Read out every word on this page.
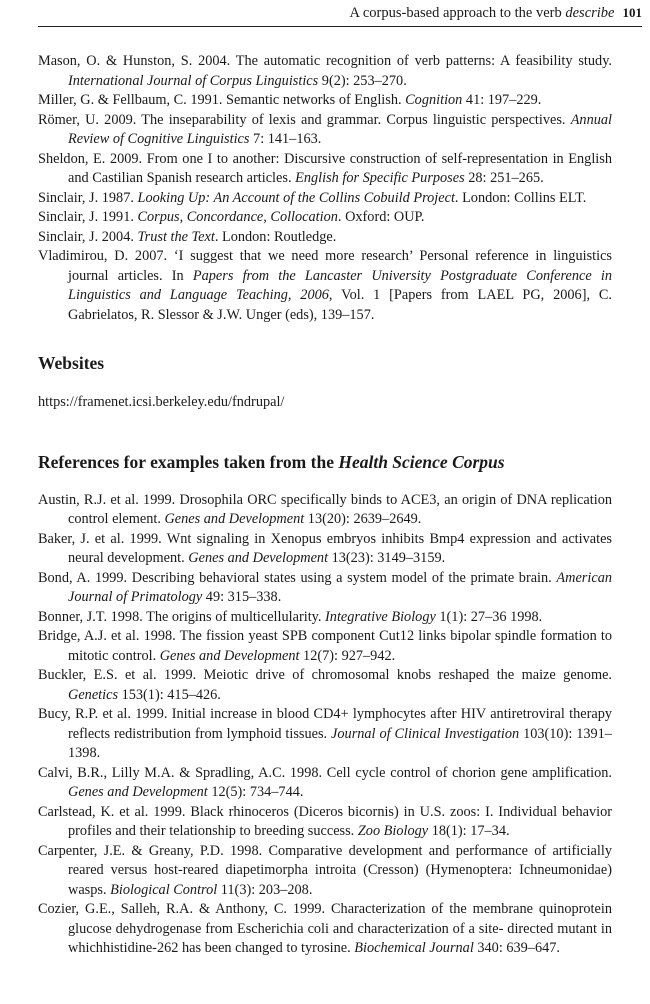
A corpus-based approach to the verb describe 101
Mason, O. & Hunston, S. 2004. The automatic recognition of verb patterns: A feasibility study. International Journal of Corpus Linguistics 9(2): 253–270.
Miller, G. & Fellbaum, C. 1991. Semantic networks of English. Cognition 41: 197–229.
Römer, U. 2009. The inseparability of lexis and grammar. Corpus linguistic perspectives. Annual Review of Cognitive Linguistics 7: 141–163.
Sheldon, E. 2009. From one I to another: Discursive construction of self-representation in English and Castilian Spanish research articles. English for Specific Purposes 28: 251–265.
Sinclair, J. 1987. Looking Up: An Account of the Collins Cobuild Project. London: Collins ELT.
Sinclair, J. 1991. Corpus, Concordance, Collocation. Oxford: OUP.
Sinclair, J. 2004. Trust the Text. London: Routledge.
Vladimirou, D. 2007. ‘I suggest that we need more research’ Personal reference in linguistics journal articles. In Papers from the Lancaster University Postgraduate Conference in Linguistics and Language Teaching, 2006, Vol. 1 [Papers from LAEL PG, 2006], C. Gabrielatos, R. Slessor & J.W. Unger (eds), 139–157.
Websites
https://framenet.icsi.berkeley.edu/fndrupal/
References for examples taken from the Health Science Corpus
Austin, R.J. et al. 1999. Drosophila ORC specifically binds to ACE3, an origin of DNA replication control element. Genes and Development 13(20): 2639–2649.
Baker, J. et al. 1999. Wnt signaling in Xenopus embryos inhibits Bmp4 expression and activates neural development. Genes and Development 13(23): 3149–3159.
Bond, A. 1999. Describing behavioral states using a system model of the primate brain. American Journal of Primatology 49: 315–338.
Bonner, J.T. 1998. The origins of multicellularity. Integrative Biology 1(1): 27–36 1998.
Bridge, A.J. et al. 1998. The fission yeast SPB component Cut12 links bipolar spindle formation to mitotic control. Genes and Development 12(7): 927–942.
Buckler, E.S. et al. 1999. Meiotic drive of chromosomal knobs reshaped the maize genome. Genetics 153(1): 415–426.
Bucy, R.P. et al. 1999. Initial increase in blood CD4+ lymphocytes after HIV antiretroviral therapy reflects redistribution from lymphoid tissues. Journal of Clinical Investigation 103(10): 1391–1398.
Calvi, B.R., Lilly M.A. & Spradling, A.C. 1998. Cell cycle control of chorion gene amplification. Genes and Development 12(5): 734–744.
Carlstead, K. et al. 1999. Black rhinoceros (Diceros bicornis) in U.S. zoos: I. Individual behavior profiles and their telationship to breeding success. Zoo Biology 18(1): 17–34.
Carpenter, J.E. & Greany, P.D. 1998. Comparative development and performance of artificially reared versus host-reared diapetimorpha introita (Cresson) (Hymenoptera: Ichneumonidae) wasps. Biological Control 11(3): 203–208.
Cozier, G.E., Salleh, R.A. & Anthony, C. 1999. Characterization of the membrane quinoprotein glucose dehydrogenase from Escherichia coli and characterization of a site- directed mutant in whichhistidine-262 has been changed to tyrosine. Biochemical Journal 340: 639–647.
